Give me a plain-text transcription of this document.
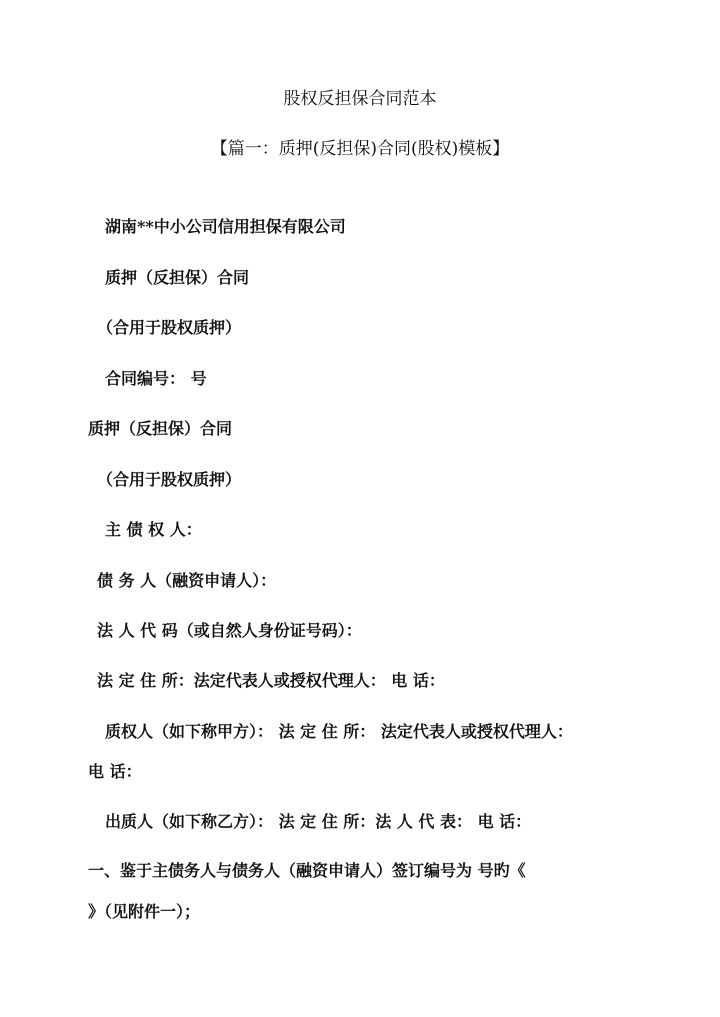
股权反担保合同范本
【篇一：质押(反担保)合同(股权)模板】
湖南**中小公司信用担保有限公司
质押（反担保）合同
（合用于股权质押）
合同编号： 号
质押（反担保）合同
（合用于股权质押）
主 债 权 人：
债 务 人（融资申请人）：
法 人 代 码（或自然人身份证号码）：
法 定 住 所：法定代表人或授权代理人： 电 话：
质权人（如下称甲方）： 法 定 住 所： 法定代表人或授权代理人：
电 话：
出质人（如下称乙方）： 法 定 住 所：法 人 代 表： 电 话：
一、鉴于主债务人与债务人（融资申请人）签订编号为 号旳《
》（见附件一）；
